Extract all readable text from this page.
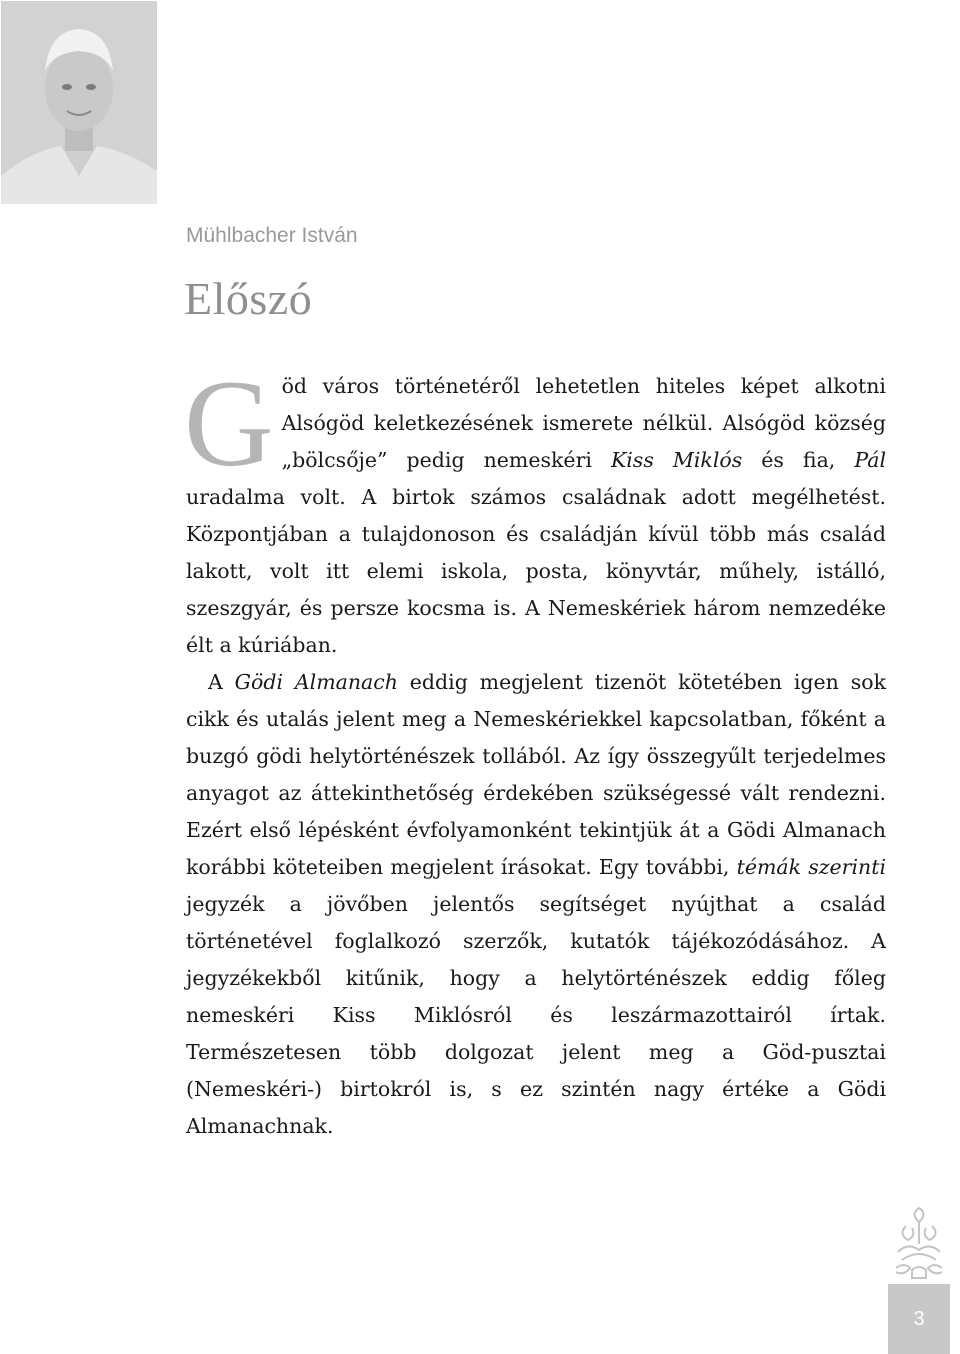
Mühlbacher István
Előszó

Göd város történetéről lehetetlen hiteles képet alkotni Alsógöd keletkezésének ismerete nélkül. Alsógöd község „bölcsője” pedig nemeskéri Kiss Miklós és fia, Pál uradalma volt. A birtok számos családnak adott megélhetést. Központjában a tulajdonoson és családján kívül több más család lakott, volt itt elemi iskola, posta, könyvtár, műhely, istálló, szeszgyár, és persze kocsma is. A Nemeskériek három nemzedéke élt a kúriában.

A Gödi Almanach eddig megjelent tizenöt kötetében igen sok cikk és utalás jelent meg a Nemeskériekkel kapcsolatban, főként a buzgó gödi helytörténészek tollából. Az így összegyűlt terjedelmes anyagot az áttekinthetőség érdekében szükségessé vált rendezni. Ezért első lépésként évfolyamonként tekintjük át a Gödi Almanach korábbi köteteiben megjelent írásokat. Egy további, témák szerinti jegyzék a jövőben jelentős segítséget nyújthat a család történetével foglalkozó szerzők, kutatók tájékozódásához. A jegyzékekből kitűnik, hogy a helytörténészek eddig főleg nemeskéri Kiss Miklósról és leszármazottairól írtak. Természetesen több dolgozat jelent meg a Göd-pusztai (Nemeskéri-) birtokról is, s ez szintén nagy értéke a Gödi Almanachnak.

3
